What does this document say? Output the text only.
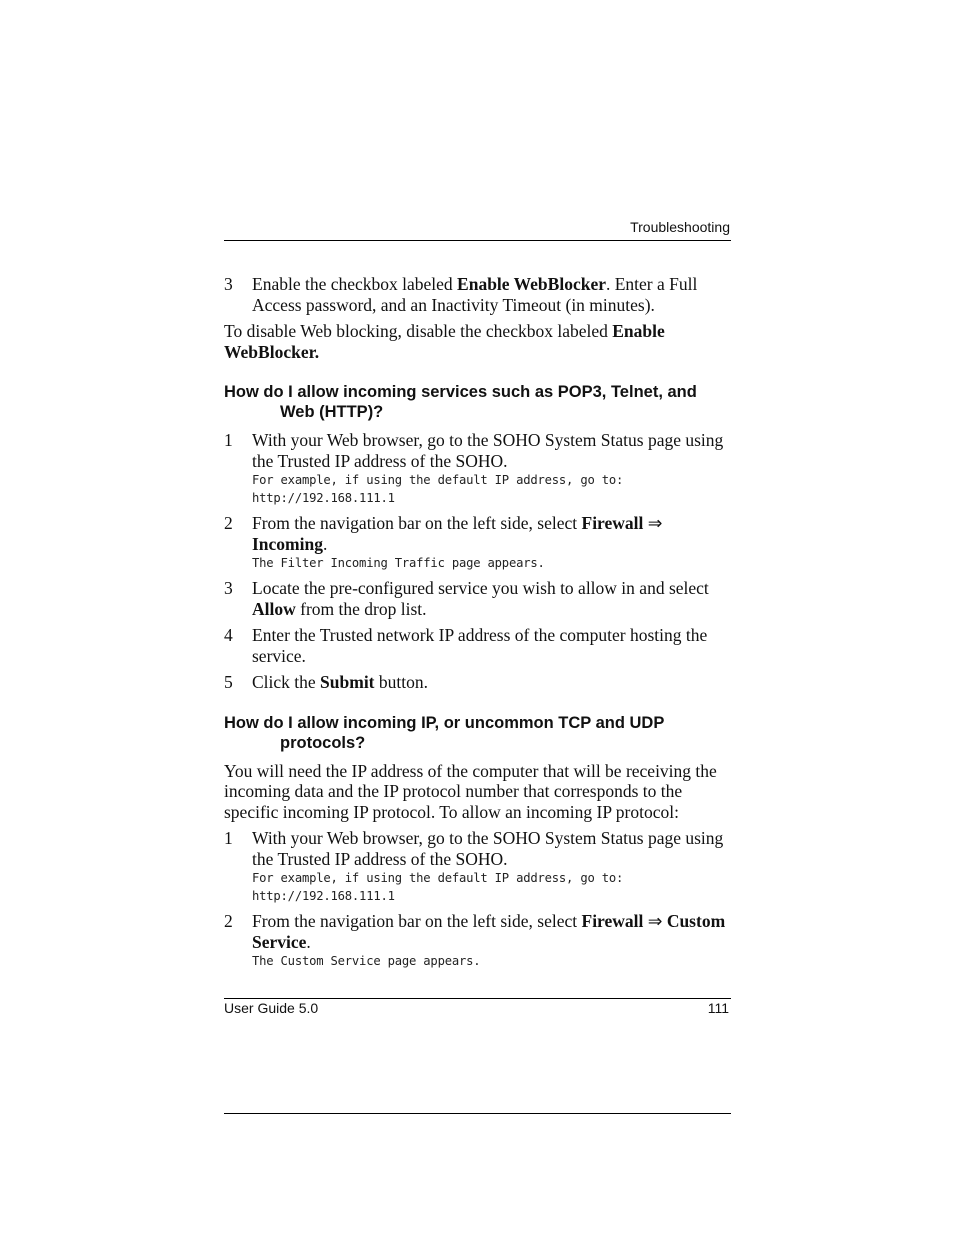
Troubleshooting
3 Enable the checkbox labeled Enable WebBlocker. Enter a Full Access password, and an Inactivity Timeout (in minutes).

To disable Web blocking, disable the checkbox labeled Enable WebBlocker.

How do I allow incoming services such as POP3, Telnet, and Web (HTTP)?
1 With your Web browser, go to the SOHO System Status page using the Trusted IP address of the SOHO.
For example, if using the default IP address, go to: http://192.168.111.1
2 From the navigation bar on the left side, select Firewall ⇒ Incoming.
The Filter Incoming Traffic page appears.
3 Locate the pre-configured service you wish to allow in and select Allow from the drop list.
4 Enter the Trusted network IP address of the computer hosting the service.
5 Click the Submit button.
How do I allow incoming IP, or uncommon TCP and UDP protocols?

You will need the IP address of the computer that will be receiving the incoming data and the IP protocol number that corresponds to the specific incoming IP protocol. To allow an incoming IP protocol:

1 With your Web browser, go to the SOHO System Status page using the Trusted IP address of the SOHO.
For example, if using the default IP address, go to: http://192.168.111.1
2 From the navigation bar on the left side, select Firewall ⇒ Custom Service.
The Custom Service page appears.
User Guide 5.0	111
